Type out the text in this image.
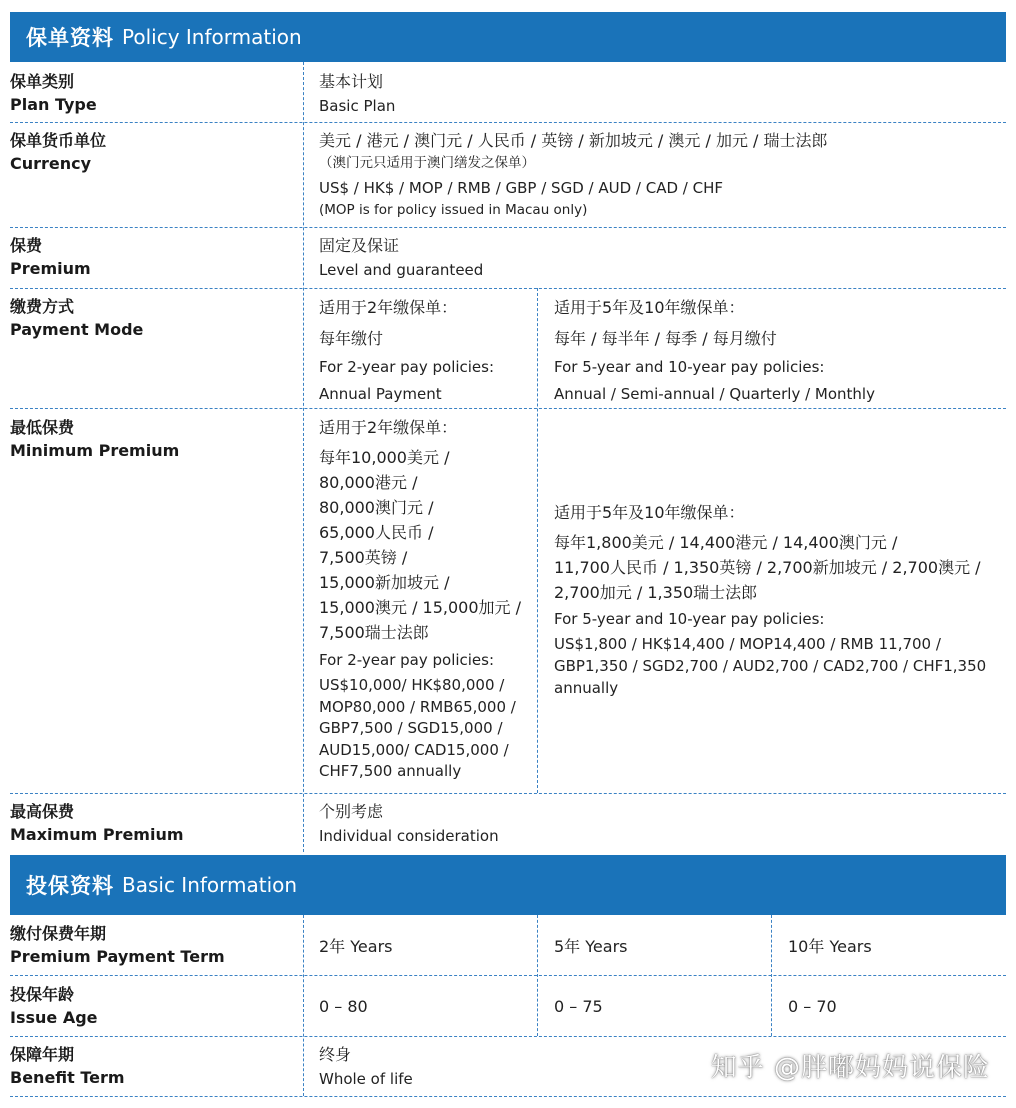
保单资料 Policy Information
保单类别
Plan Type
基本计划
Basic Plan
保单货币单位
Currency
美元 / 港元 / 澳门元 / 人民币 / 英镑 / 新加坡元 / 澳元 / 加元 / 瑞士法郎
（澳门元只适用于澳门缮发之保单）
US$ / HK$ / MOP / RMB / GBP / SGD / AUD / CAD / CHF
(MOP is for policy issued in Macau only)
保费
Premium
固定及保证
Level and guaranteed
缴费方式
Payment Mode
适用于2年缴保单：
每年缴付
For 2-year pay policies:
Annual Payment
适用于5年及10年缴保单：
每年 / 每半年 / 每季 / 每月缴付
For 5-year and 10-year pay policies:
Annual / Semi-annual / Quarterly / Monthly
最低保费
Minimum Premium
适用于2年缴保单：
每年10,000美元 /
80,000港元 /
80,000澳门元 /
65,000人民币 /
7,500英镑 /
15,000新加坡元 /
15,000澳元 / 15,000加元 /
7,500瑞士法郎
For 2-year pay policies:
US$10,000/ HK$80,000 /
MOP80,000 / RMB65,000 /
GBP7,500 / SGD15,000 /
AUD15,000/ CAD15,000 /
CHF7,500 annually
适用于5年及10年缴保单：
每年1,800美元 / 14,400港元 / 14,400澳门元 /
11,700人民币 / 1,350英镑 / 2,700新加坡元 / 2,700澳元 /
2,700加元 / 1,350瑞士法郎
For 5-year and 10-year pay policies:
US$1,800 / HK$14,400 / MOP14,400 / RMB 11,700 /
GBP1,350 / SGD2,700 / AUD2,700 / CAD2,700 / CHF1,350
annually
最高保费
Maximum Premium
个别考虑
Individual consideration
投保资料 Basic Information
缴付保费年期
Premium Payment Term
2年 Years	5年 Years	10年 Years
投保年龄
Issue Age
0 – 80	0 – 75	0 – 70
保障年期
Benefit Term
终身
Whole of life	知乎 @胖嘟妈妈说保险
